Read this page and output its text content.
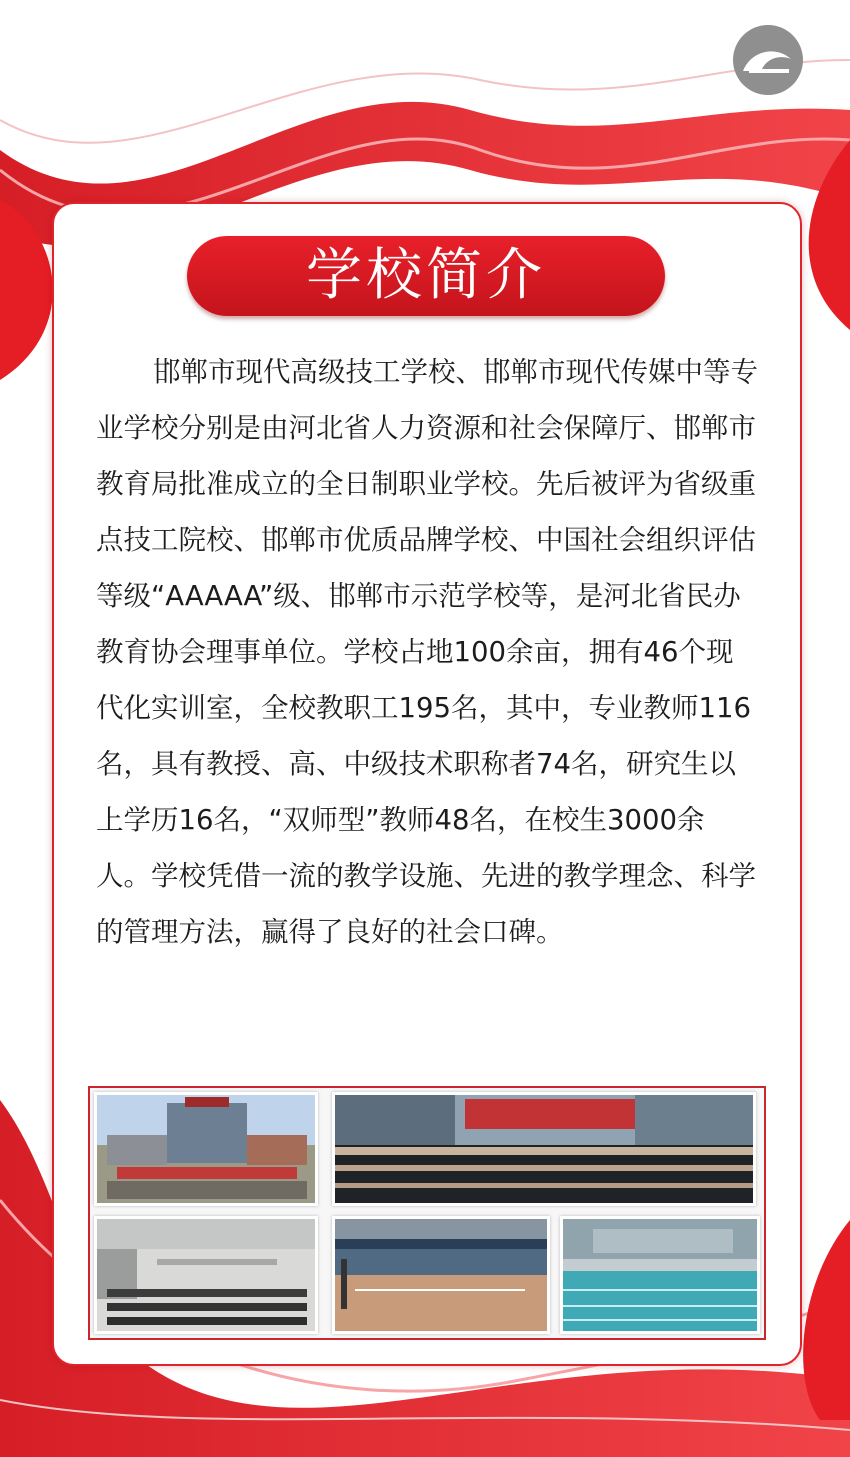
学校简介

邯郸市现代高级技工学校、邯郸市现代传媒中等专业学校分别是由河北省人力资源和社会保障厅、邯郸市教育局批准成立的全日制职业学校。先后被评为省级重点技工院校、邯郸市优质品牌学校、中国社会组织评估等级“AAAAA”级、邯郸市示范学校等，是河北省民办教育协会理事单位。学校占地100余亩，拥有46个现代化实训室，全校教职工195名，其中，专业教师116名，具有教授、高、中级技术职称者74名，研究生以上学历16名，“双师型”教师48名，在校生3000余人。学校凭借一流的教学设施、先进的教学理念、科学的管理方法，赢得了良好的社会口碑。
